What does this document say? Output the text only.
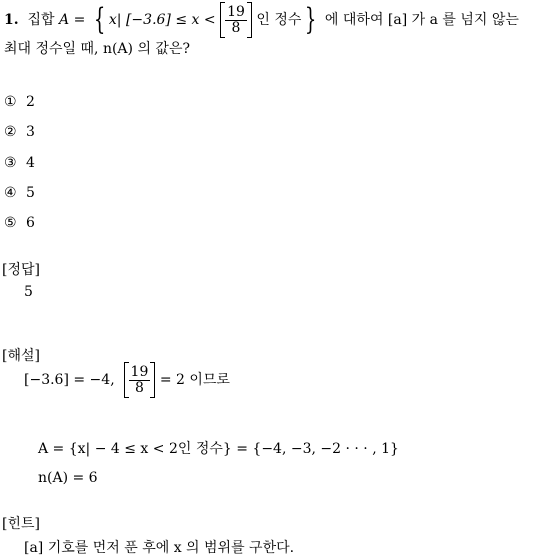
1. 집합 A = { x| $[-3.6] \le x < \frac{19}{8}$ 인 정수 } 에 대하여 [a] 가 a 를 넘지 않는
최대 정수일 때, n(A) 의 값은?
① 2
② 3
③ 4
④ 5
⑤ 6
[정답]
5
[해설]
[−3.6] = −4, $\frac{19}{8} = 2$ 이므로
A = {x| − 4 ≤ x < 2인 정수} = {−4, −3, −2 · · · , 1}
n(A) = 6
[힌트]
[a] 기호를 먼저 푼 후에 x 의 범위를 구한다.
